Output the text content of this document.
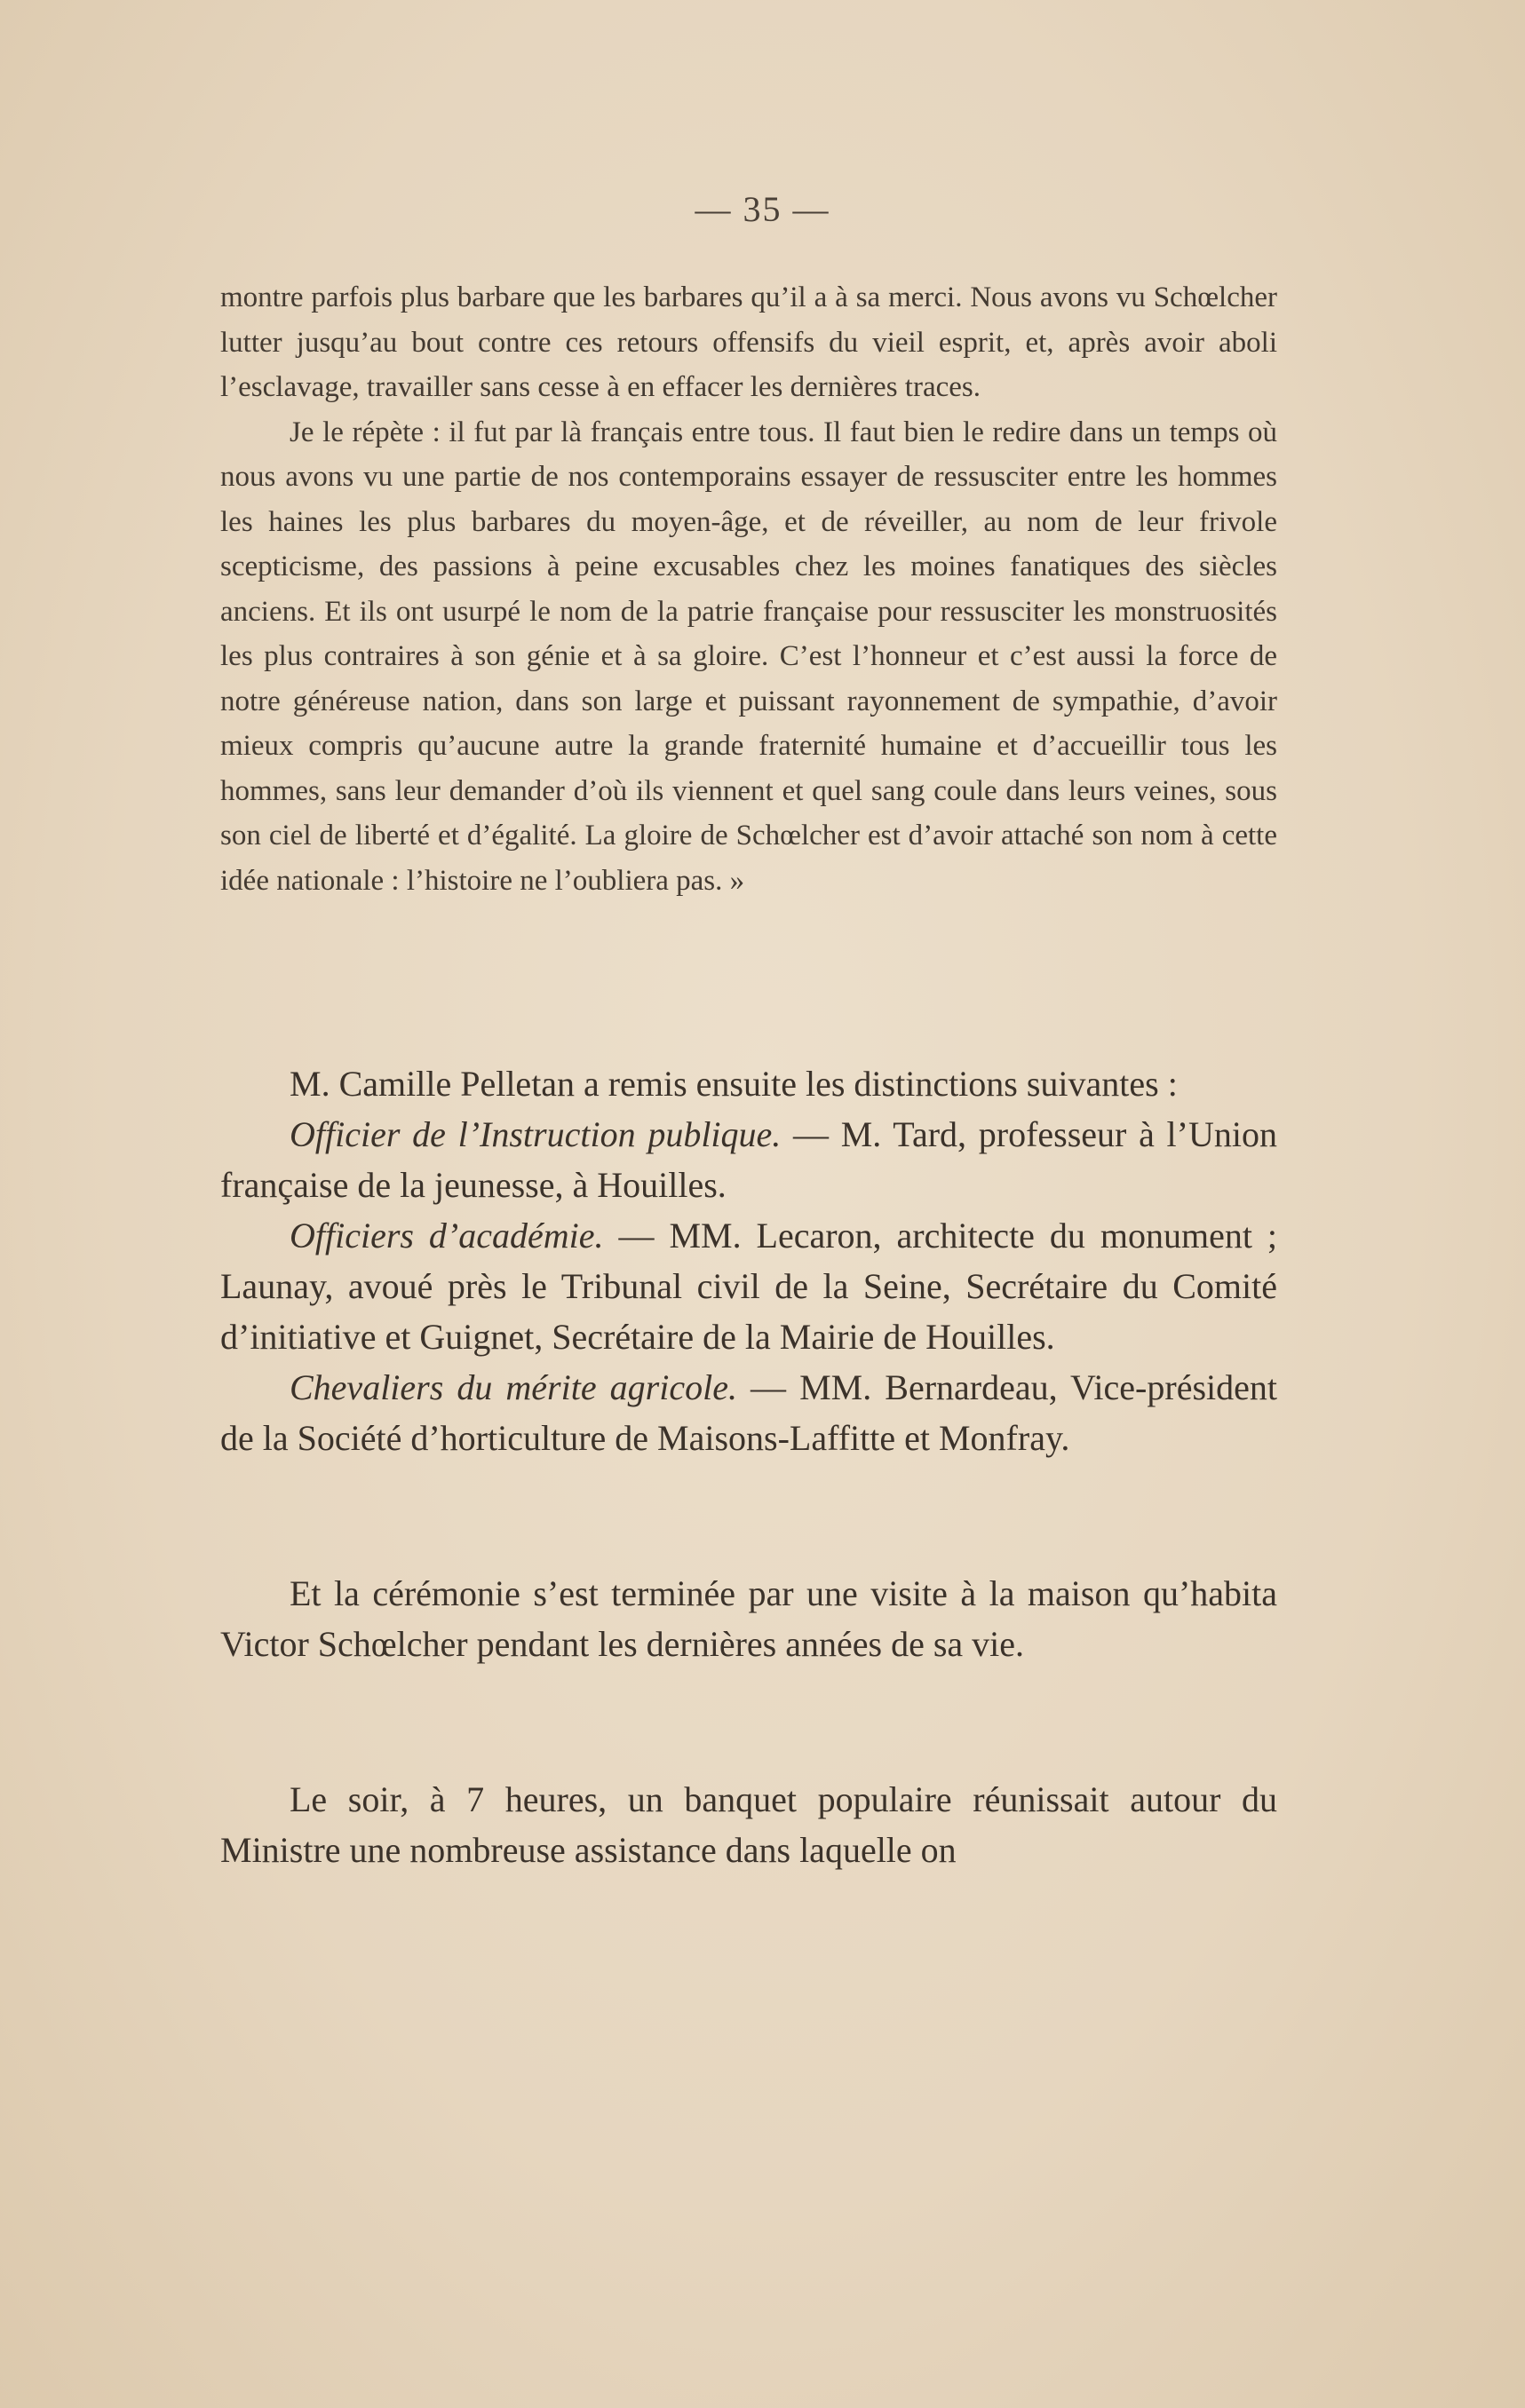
— 35 —

montre parfois plus barbare que les barbares qu’il a à sa merci. Nous avons vu Schœlcher lutter jusqu’au bout contre ces retours offensifs du vieil esprit, et, après avoir aboli l’esclavage, travailler sans cesse à en effacer les dernières traces.

Je le répète : il fut par là français entre tous. Il faut bien le redire dans un temps où nous avons vu une partie de nos contemporains essayer de ressusciter entre les hommes les haines les plus barbares du moyen-âge, et de réveiller, au nom de leur frivole scepticisme, des passions à peine excusables chez les moines fanatiques des siècles anciens. Et ils ont usurpé le nom de la patrie française pour ressusciter les monstruosités les plus contraires à son génie et à sa gloire. C’est l’honneur et c’est aussi la force de notre généreuse nation, dans son large et puissant rayonnement de sympathie, d’avoir mieux compris qu’aucune autre la grande fraternité humaine et d’accueillir tous les hommes, sans leur demander d’où ils viennent et quel sang coule dans leurs veines, sous son ciel de liberté et d’égalité. La gloire de Schœlcher est d’avoir attaché son nom à cette idée nationale : l’histoire ne l’oubliera pas. »

M. Camille Pelletan a remis ensuite les distinctions suivantes :

Officier de l’Instruction publique. — M. Tard, professeur à l’Union française de la jeunesse, à Houilles.

Officiers d’académie. — MM. Lecaron, architecte du monument ; Launay, avoué près le Tribunal civil de la Seine, Secrétaire du Comité d’initiative et Guignet, Secrétaire de la Mairie de Houilles.

Chevaliers du mérite agricole. — MM. Bernardeau, Vice-président de la Société d’horticulture de Maisons-Laffitte et Monfray.

Et la cérémonie s’est terminée par une visite à la maison qu’habita Victor Schœlcher pendant les dernières années de sa vie.

Le soir, à 7 heures, un banquet populaire réunissait autour du Ministre une nombreuse assistance dans laquelle on
